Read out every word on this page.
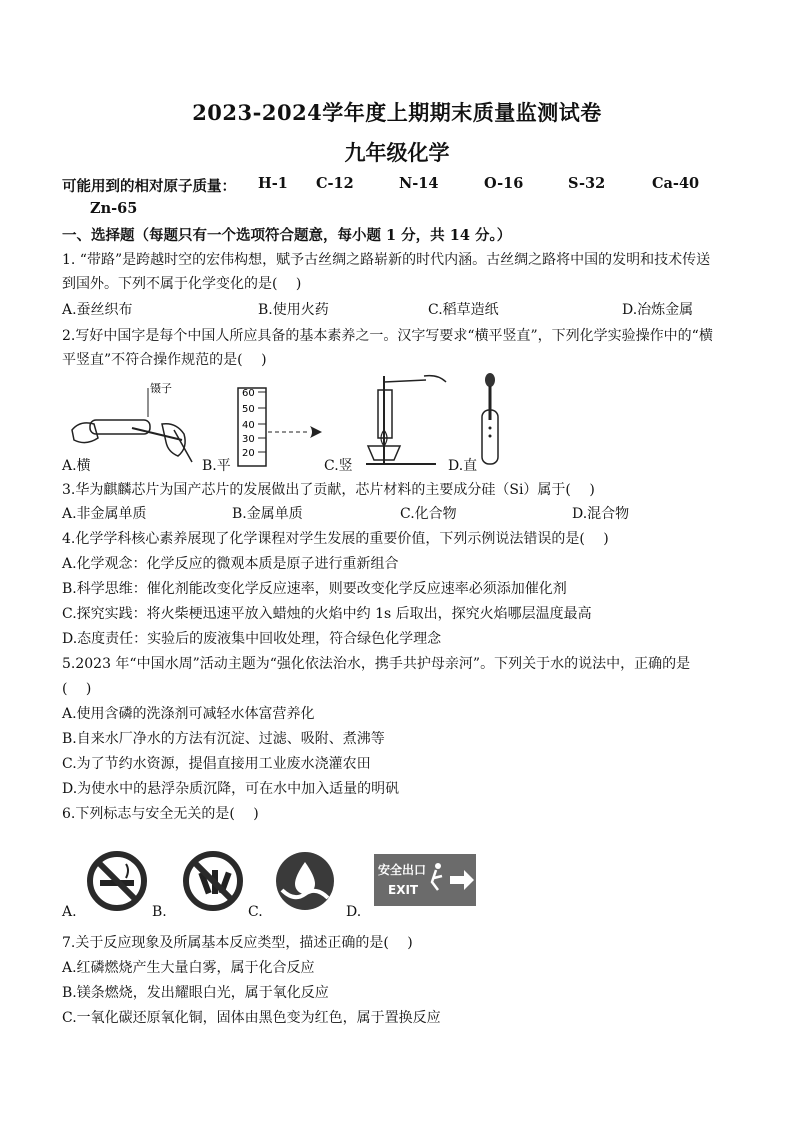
2023-2024学年度上期期末质量监测试卷
九年级化学
可能用到的相对原子质量： H-1 C-12	N-14	O-16	S-32	Ca-40
Zn-65
一、选择题（每题只有一个选项符合题意，每小题 1 分，共 14 分。）
1. “带路”是跨越时空的宏伟构想，赋予古丝绸之路崭新的时代内涵。古丝绸之路将中国的发明和技术传送
到国外。下列不属于化学变化的是(　 )
A.蚕丝织布	B.使用火药	C.稻草造纸	D.冶炼金属
2.写好中国字是每个中国人所应具备的基本素养之一。汉字写要求“横平竖直”，下列化学实验操作中的“横
平竖直”不符合操作规范的是(　 )
镊子	60
50
40
30
20
A.横	B.平	C.竖	D.直
3.华为麒麟芯片为国产芯片的发展做出了贡献，芯片材料的主要成分硅（Si）属于(　 )
A.非金属单质	B.金属单质	C.化合物	D.混合物
4.化学学科核心素养展现了化学课程对学生发展的重要价值，下列示例说法错误的是(　 )
A.化学观念：化学反应的微观本质是原子进行重新组合
B.科学思维：催化剂能改变化学反应速率，则要改变化学反应速率必须添加催化剂
C.探究实践：将火柴梗迅速平放入蜡烛的火焰中约 1s 后取出，探究火焰哪层温度最高
D.态度责任：实验后的废液集中回收处理，符合绿色化学理念
5.2023 年“中国水周”活动主题为“强化依法治水，携手共护母亲河”。下列关于水的说法中，正确的是
(　 )
A.使用含磷的洗涤剂可减轻水体富营养化
B.自来水厂净水的方法有沉淀、过滤、吸附、煮沸等
C.为了节约水资源，提倡直接用工业废水浇灌农田
D.为使水中的悬浮杂质沉降，可在水中加入适量的明矾
6.下列标志与安全无关的是(　 )
安全出口
EXIT
A.	B.	C.	D.
7.关于反应现象及所属基本反应类型，描述正确的是(　 )
A.红磷燃烧产生大量白雾，属于化合反应
B.镁条燃烧，发出耀眼白光，属于氧化反应
C.一氧化碳还原氧化铜，固体由黑色变为红色，属于置换反应
